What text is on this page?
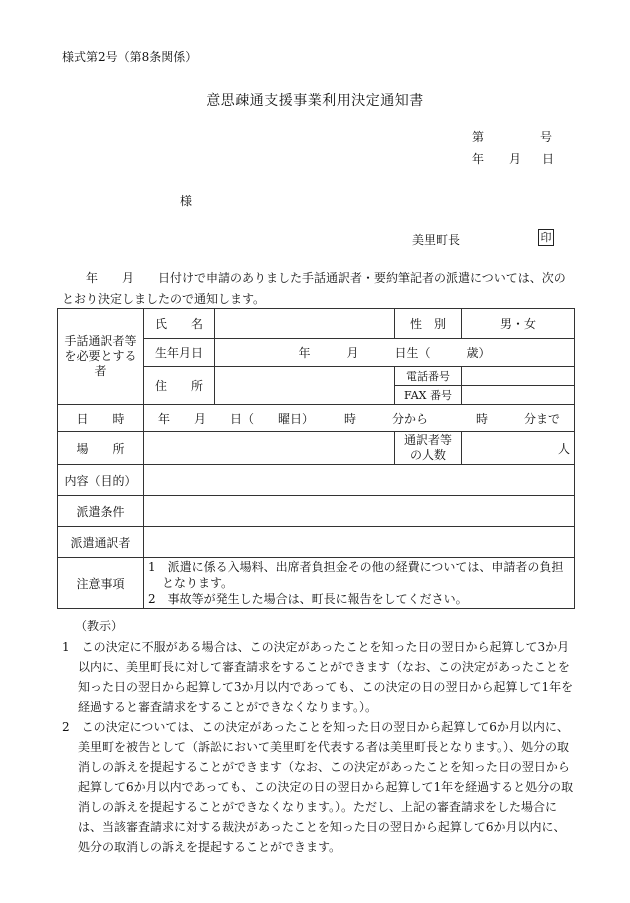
様式第2号（第8条関係）
意思疎通支援事業利用決定通知書
第	号
年 月 日
様
美里町長	印
　　年　　月　　日付けで申請のありました手話通訳者・要約筆記者の派遣については、次のとおり決定しましたので通知します。
手話通訳者等を必要とする者	氏　　名		性　別	男・女
	生年月日	年　　　月　　　日生（　　　歳）		
	住　　所		電話番号	
			FAX 番号	
日　　時	年　　月　　日（　　曜日）　　　時　　　分から　　　　時　　　分まで			
場　　所			通訳者等の人数	人
内容（目的）				
派遣条件				
派遣通訳者				
注意事項	1　派遣に係る入場料、出席者負担金その他の経費については、申請者の負担となります。
2　事故等が発生した場合は、町長に報告をしてください。			
（教示）
1　この決定に不服がある場合は、この決定があったことを知った日の翌日から起算して3か月以内に、美里町長に対して審査請求をすることができます（なお、この決定があったことを知った日の翌日から起算して3か月以内であっても、この決定の日の翌日から起算して1年を経過すると審査請求をすることができなくなります。）。
2　この決定については、この決定があったことを知った日の翌日から起算して6か月以内に、美里町を被告として（訴訟において美里町を代表する者は美里町長となります。）、処分の取消しの訴えを提起することができます（なお、この決定があったことを知った日の翌日から起算して6か月以内であっても、この決定の日の翌日から起算して1年を経過すると処分の取消しの訴えを提起することができなくなります。）。ただし、上記の審査請求をした場合には、当該審査請求に対する裁決があったことを知った日の翌日から起算して6か月以内に、処分の取消しの訴えを提起することができます。
